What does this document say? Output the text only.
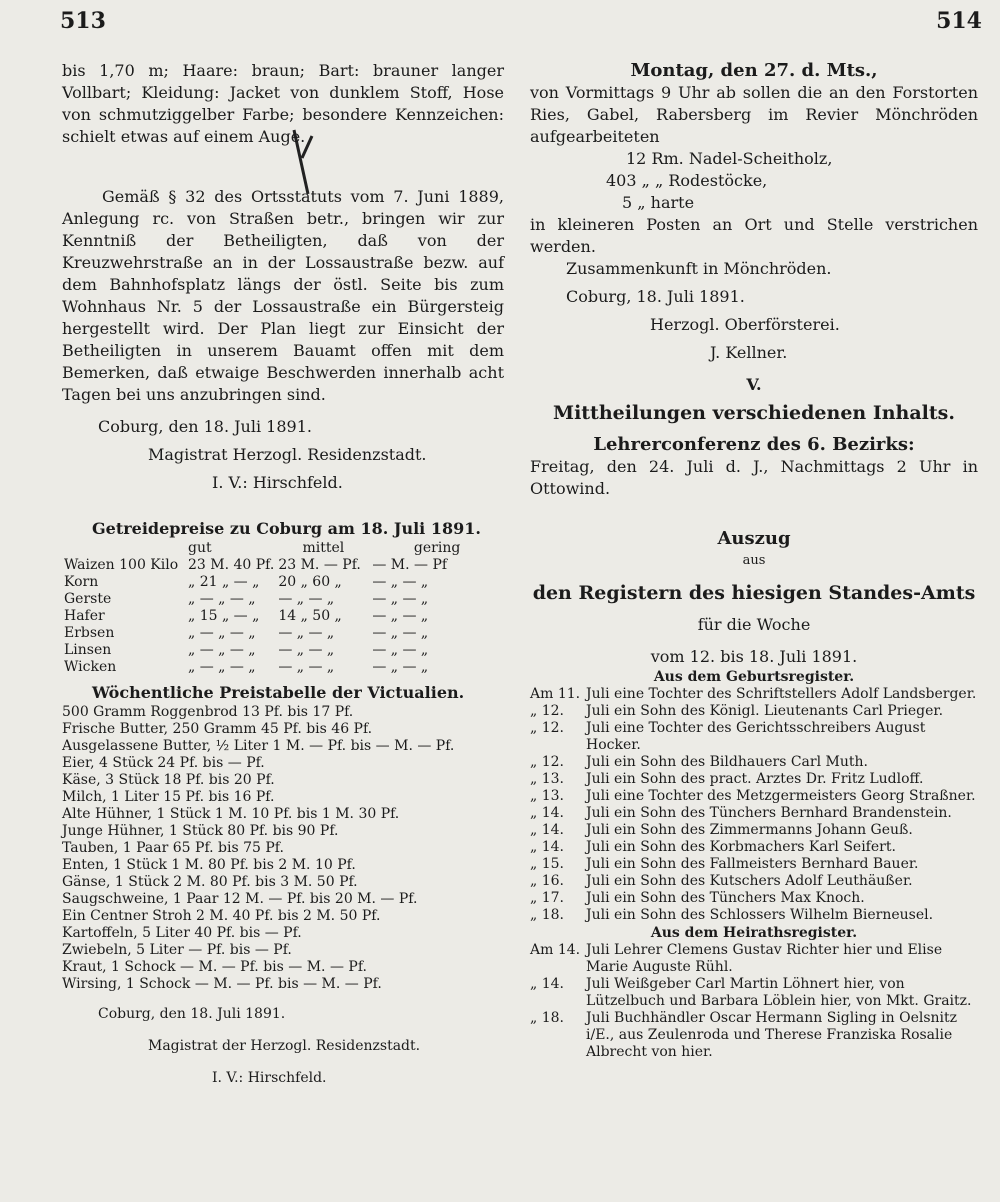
513	514

bis 1,70 m; Haare: braun; Bart: brauner langer Vollbart; Kleidung: Jacket von dunklem Stoff, Hose von schmutziggelber Farbe; besondere Kennzeichen: schielt etwas auf einem Auge.

Gemäß § 32 des Ortsstatuts vom 7. Juni 1889, Anlegung rc. von Straßen betr., bringen wir zur Kenntniß der Betheiligten, daß von der Kreuzwehrstraße an in der Lossaustraße bezw. auf dem Bahnhofsplatz längs der östl. Seite bis zum Wohnhaus Nr. 5 der Lossaustraße ein Bürgersteig hergestellt wird. Der Plan liegt zur Einsicht der Betheiligten in unserem Bauamt offen mit dem Bemerken, daß etwaige Beschwerden innerhalb acht Tagen bei uns anzubringen sind.

Coburg, den 18. Juli 1891.

Magistrat Herzogl. Residenzstadt.

I. V.: Hirschfeld.

Getreidepreise zu Coburg am 18. Juli 1891.

	gut	mittel	gering
Waizen 100 Kilo	23 M. 40 Pf.	23 M. — Pf.	— M. — Pf
Korn	„ 21 „ — „	20 „ 60 „	— „ — „
Gerste	„ — „ — „	— „ — „	— „ — „
Hafer	„ 15 „ — „	14 „ 50 „	— „ — „
Erbsen	„ — „ — „	— „ — „	— „ — „
Linsen	„ — „ — „	— „ — „	— „ — „
Wicken	„ — „ — „	— „ — „	— „ — „

Wöchentliche Preistabelle der Victualien.

500 Gramm Roggenbrod 13 Pf. bis 17 Pf.

Frische Butter, 250 Gramm 45 Pf. bis 46 Pf.

Ausgelassene Butter, ½ Liter 1 M. — Pf. bis — M. — Pf.

Eier, 4 Stück 24 Pf. bis — Pf.

Käse, 3 Stück 18 Pf. bis 20 Pf.

Milch, 1 Liter 15 Pf. bis 16 Pf.

Alte Hühner, 1 Stück 1 M. 10 Pf. bis 1 M. 30 Pf.

Junge Hühner, 1 Stück 80 Pf. bis 90 Pf.

Tauben, 1 Paar 65 Pf. bis 75 Pf.

Enten, 1 Stück 1 M. 80 Pf. bis 2 M. 10 Pf.

Gänse, 1 Stück 2 M. 80 Pf. bis 3 M. 50 Pf.

Saugschweine, 1 Paar 12 M. — Pf. bis 20 M. — Pf.

Ein Centner Stroh 2 M. 40 Pf. bis 2 M. 50 Pf.

Kartoffeln, 5 Liter 40 Pf. bis — Pf.

Zwiebeln, 5 Liter — Pf. bis — Pf.

Kraut, 1 Schock — M. — Pf. bis — M. — Pf.

Wirsing, 1 Schock — M. — Pf. bis — M. — Pf.

Coburg, den 18. Juli 1891.

Magistrat der Herzogl. Residenzstadt.

I. V.: Hirschfeld.

Montag, den 27. d. Mts.,

von Vormittags 9 Uhr ab sollen die an den Forstorten Ries, Gabel, Rabersberg im Revier Mönchröden aufgearbeiteten

12 Rm. Nadel-Scheitholz,

403 „ „ Rodestöcke,

5 „ harte

in kleineren Posten an Ort und Stelle verstrichen werden.

Zusammenkunft in Mönchröden.

Coburg, 18. Juli 1891.

Herzogl. Oberförsterei.

J. Kellner.

V.

Mittheilungen verschiedenen Inhalts.

Lehrerconferenz des 6. Bezirks:

Freitag, den 24. Juli d. J., Nachmittags 2 Uhr in Ottowind.

Auszug

aus

den Registern des hiesigen Standes-Amts

für die Woche

vom 12. bis 18. Juli 1891.

Aus dem Geburtsregister.

Am 11. Juli eine Tochter des Schriftstellers Adolf Landsberger.
„ 12.	Juli ein Sohn des Königl. Lieutenants Carl Prieger.
„ 12.	Juli eine Tochter des Gerichtsschreibers August Hocker.
„ 12.	Juli ein Sohn des Bildhauers Carl Muth.
„ 13.	Juli ein Sohn des pract. Arztes Dr. Fritz Ludloff.
„ 13.	Juli eine Tochter des Metzgermeisters Georg Straßner.
„ 14.	Juli ein Sohn des Tünchers Bernhard Brandenstein.
„ 14.	Juli ein Sohn des Zimmermanns Johann Geuß.
„ 14.	Juli ein Sohn des Korbmachers Karl Seifert.
„ 15.	Juli ein Sohn des Fallmeisters Bernhard Bauer.
„ 16.	Juli ein Sohn des Kutschers Adolf Leuthäußer.
„ 17.	Juli ein Sohn des Tünchers Max Knoch.
„ 18.	Juli ein Sohn des Schlossers Wilhelm Bierneusel.

Aus dem Heirathsregister.

Am 14. Juli Lehrer Clemens Gustav Richter hier und Elise Marie Auguste Rühl.
„ 14.	Juli Weißgeber Carl Martin Löhnert hier, von Lützelbuch und Barbara Löblein hier, von Mkt. Graitz.
„ 18.	Juli Buchhändler Oscar Hermann Sigling in Oelsnitz i/E., aus Zeulenroda und Therese Franziska Rosalie Albrecht von hier.
